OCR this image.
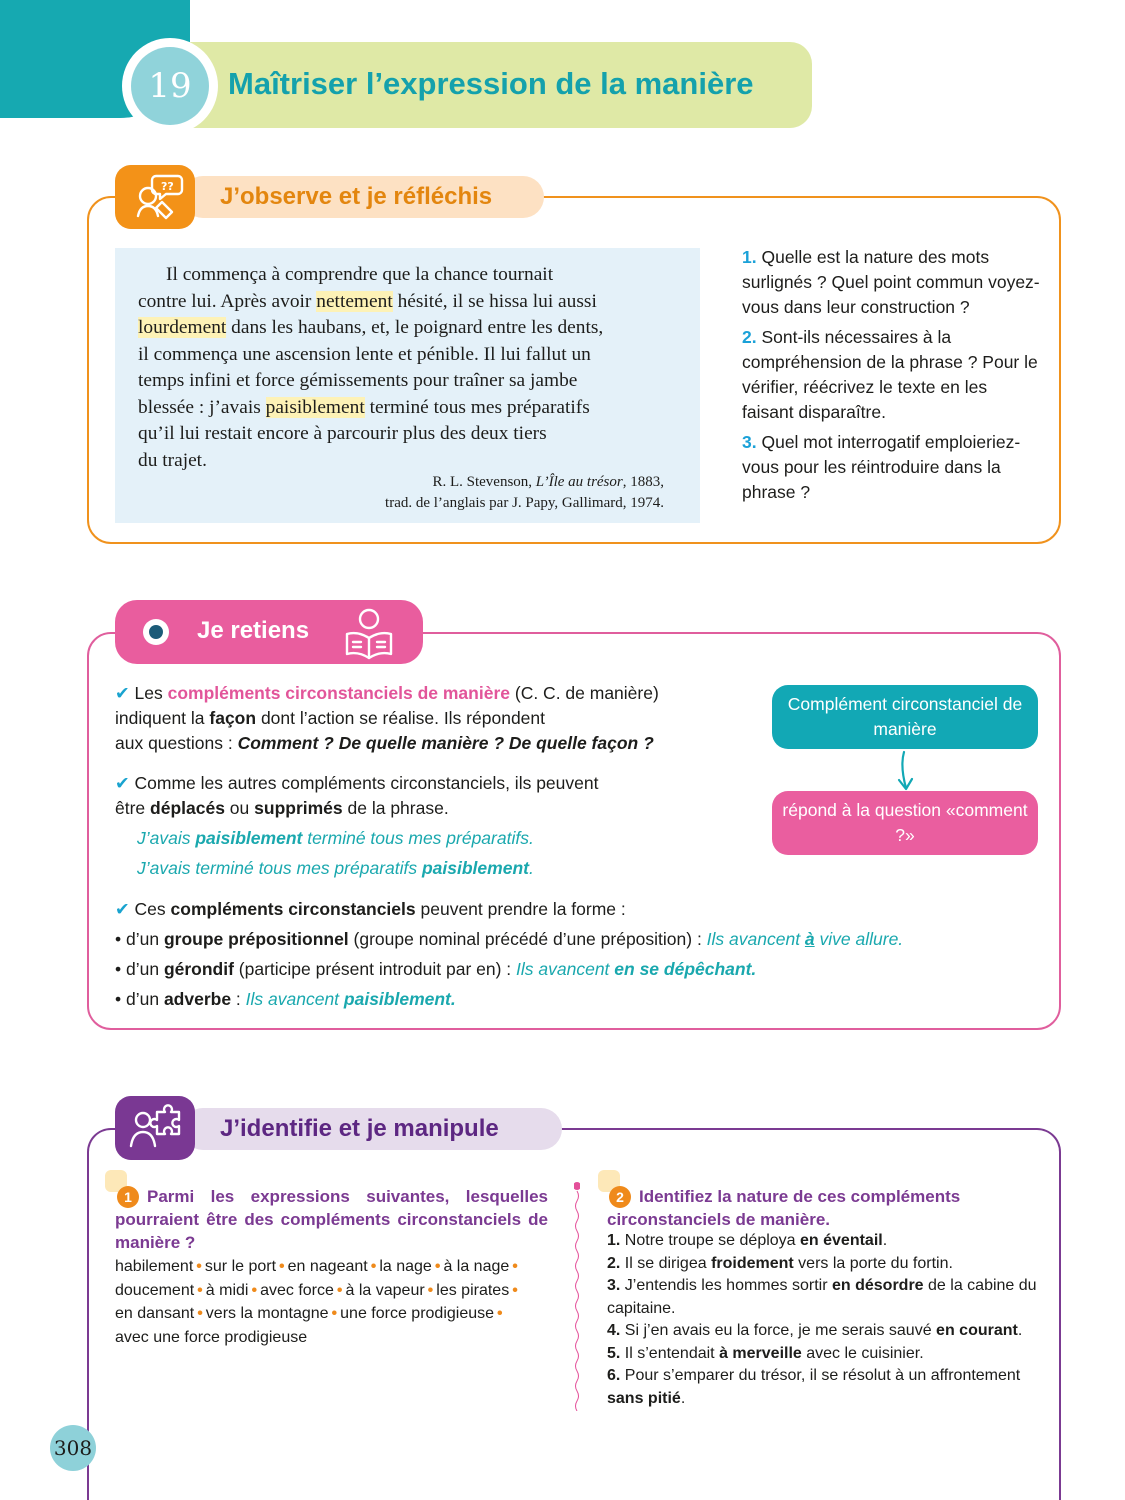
19	Maîtriser l’expression de la manière
J’observe et je réfléchis
??

Il commença à comprendre que la chance tournait

contre lui. Après avoir nettement hésité, il se hissa lui aussi

lourdement dans les haubans, et, le poignard entre les dents,

il commença une ascension lente et pénible. Il lui fallut un

temps infini et force gémissements pour traîner sa jambe

blessée : j’avais paisiblement terminé tous mes préparatifs

qu’il lui restait encore à parcourir plus des deux tiers

du trajet.

R. L. Stevenson, L’Île au trésor, 1883,
trad. de l’anglais par J. Papy, Gallimard, 1974.
1. Quelle est la nature des mots surlignés ? Quel point commun voyez-vous dans leur construction ?
2. Sont-ils nécessaires à la compréhension de la phrase ? Pour le vérifier, réécrivez le texte en les faisant disparaître.
3. Quel mot interrogatif emploieriez-vous pour les réintroduire dans la phrase ?
Je retiens
✔ Les compléments circonstanciels de manière (C. C. de manière)
indiquent la façon dont l’action se réalise. Ils répondent
aux questions : Comment ? De quelle manière ? De quelle façon ?
✔ Comme les autres compléments circonstanciels, ils peuvent
être déplacés ou supprimés de la phrase.
J’avais paisiblement terminé tous mes préparatifs.
J’avais terminé tous mes préparatifs paisiblement.
✔ Ces compléments circonstanciels peuvent prendre la forme :
• d’un groupe prépositionnel (groupe nominal précédé d’une préposition) : Ils avancent à vive allure.
• d’un gérondif (participe présent introduit par en) : Ils avancent en se dépêchant.
• d’un adverbe : Ils avancent paisiblement.
Complément circonstanciel de manière
répond à la question «comment ?»
J’identifie et je manipule
1 Parmi les expressions suivantes, lesquelles pourraient être des compléments circonstanciels de manière ?
habilement • sur le port • en nageant • la nage • à la nage •
doucement • à midi • avec force • à la vapeur • les pirates •
en dansant • vers la montagne • une force prodigieuse •
avec une force prodigieuse
2 Identifiez la nature de ces compléments circonstanciels de manière.
1. Notre troupe se déploya en éventail.
2. Il se dirigea froidement vers la porte du fortin.
3. J’entendis les hommes sortir en désordre de la cabine du capitaine.
4. Si j’en avais eu la force, je me serais sauvé en courant.
5. Il s’entendait à merveille avec le cuisinier.
6. Pour s’emparer du trésor, il se résolut à un affrontement sans pitié.
308
